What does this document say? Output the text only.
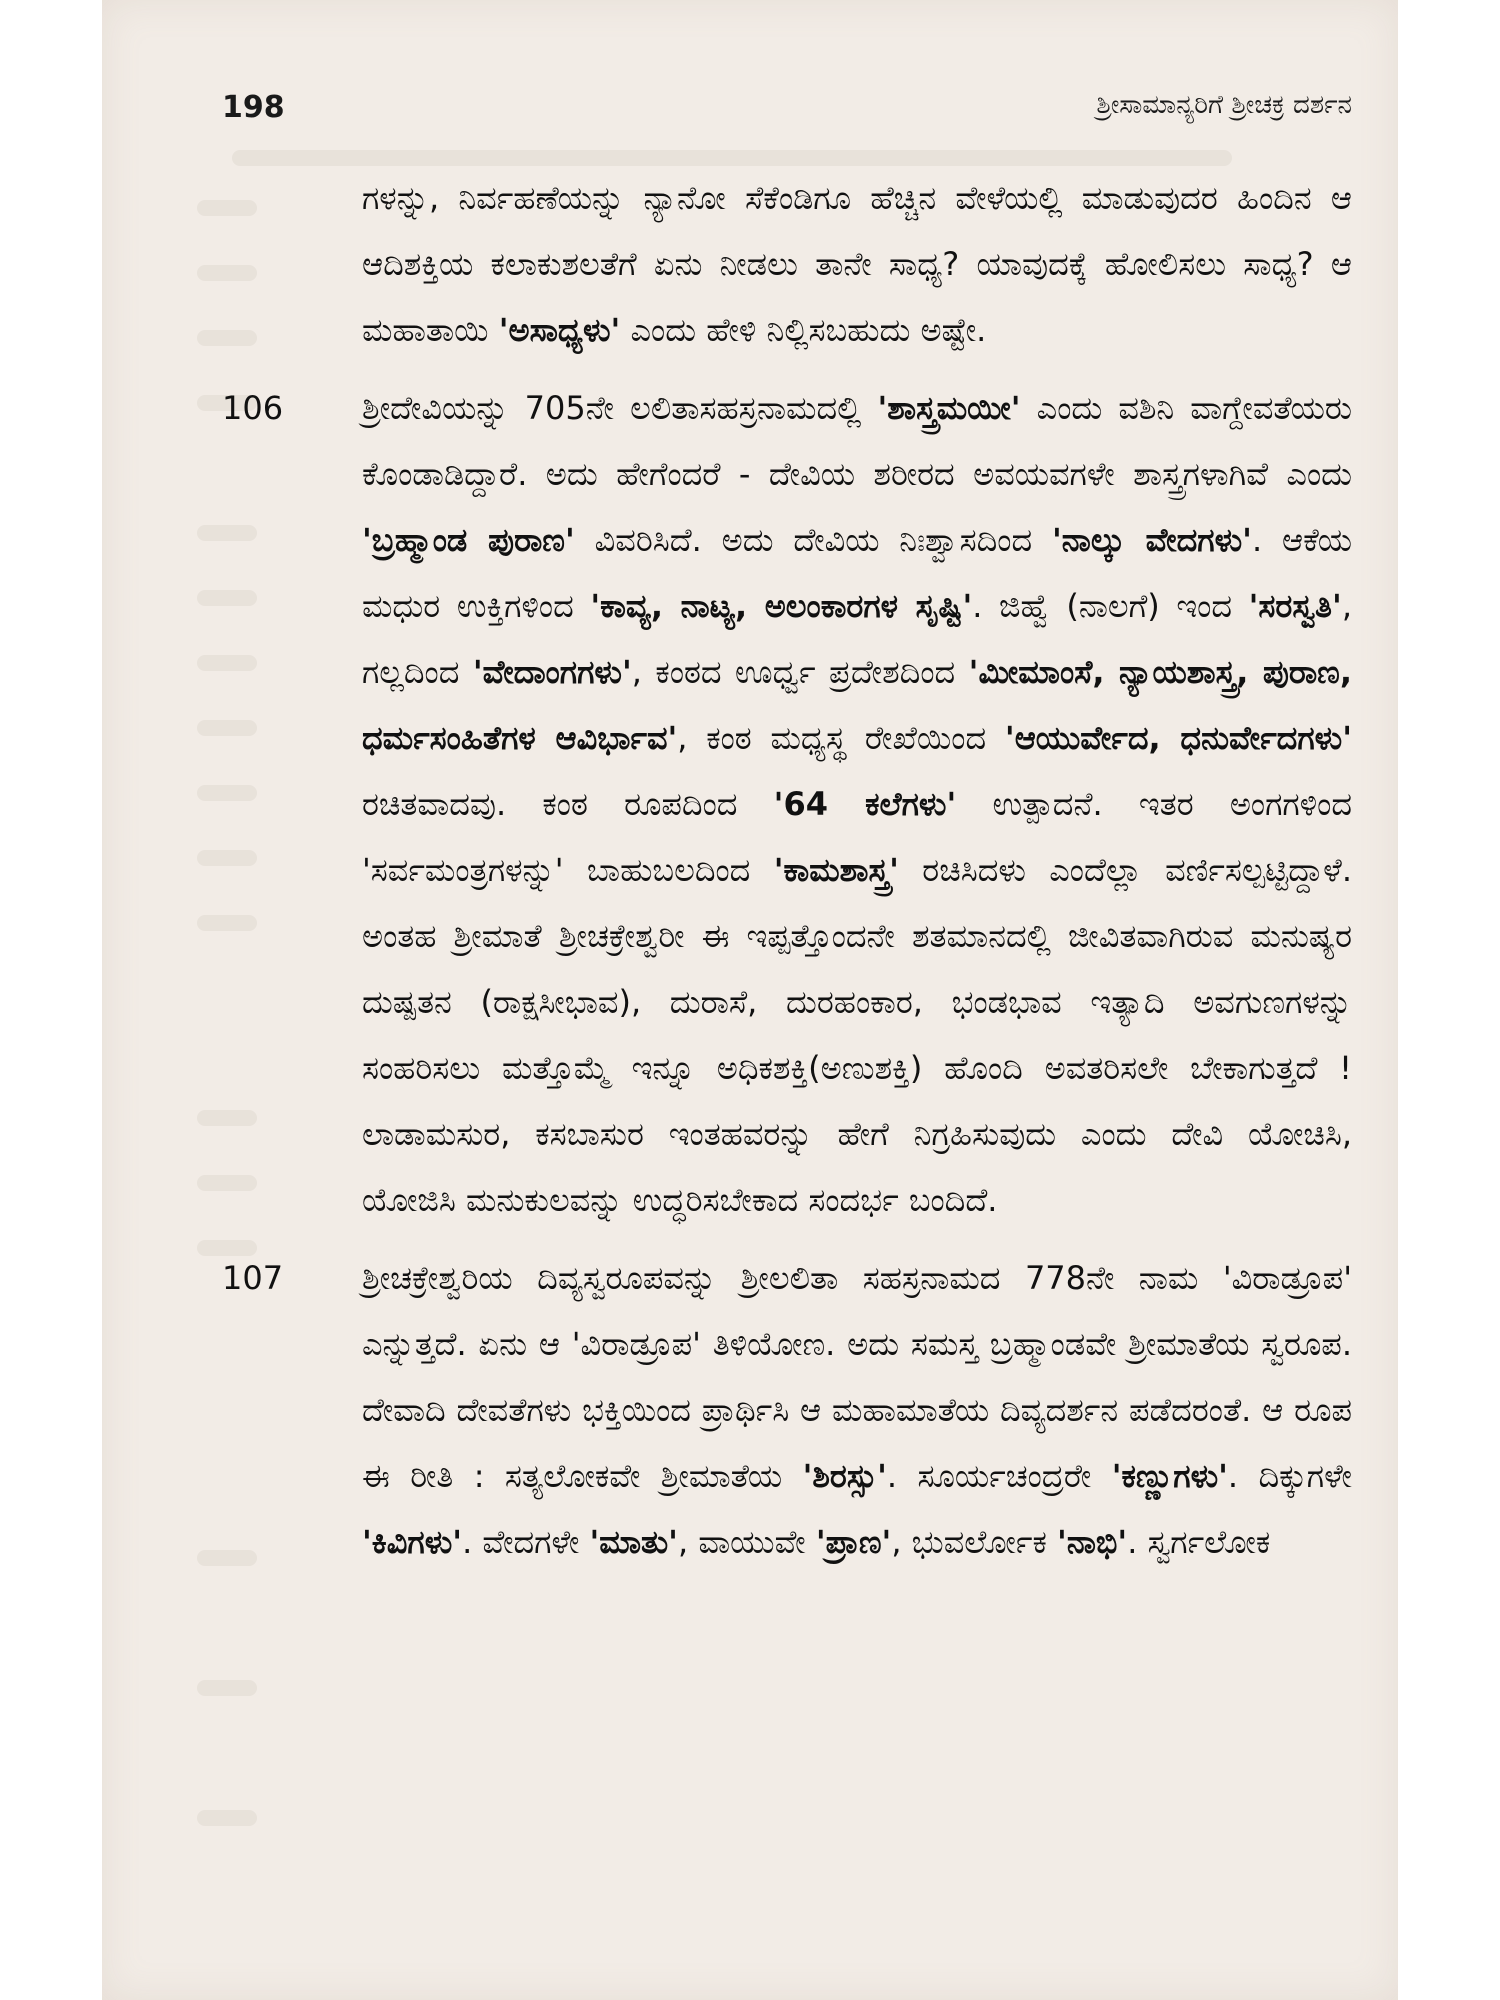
198	ಶ್ರೀಸಾಮಾನ್ಯರಿಗೆ ಶ್ರೀಚಕ್ರ ದರ್ಶನ

ಗಳನ್ನು, ನಿರ್ವಹಣೆಯನ್ನು ನ್ಯಾನೋ ಸೆಕೆಂಡಿಗೂ ಹೆಚ್ಚಿನ ವೇಳೆಯಲ್ಲಿ ಮಾಡುವುದರ ಹಿಂದಿನ ಆ ಆದಿಶಕ್ತಿಯ ಕಲಾಕುಶಲತೆಗೆ ಏನು ನೀಡಲು ತಾನೇ ಸಾಧ್ಯ? ಯಾವುದಕ್ಕೆ ಹೋಲಿಸಲು ಸಾಧ್ಯ? ಆ ಮಹಾತಾಯಿ 'ಅಸಾಧ್ಯಳು' ಎಂದು ಹೇಳಿ ನಿಲ್ಲಿಸಬಹುದು ಅಷ್ಟೇ.

106 ಶ್ರೀದೇವಿಯನ್ನು 705ನೇ ಲಲಿತಾಸಹಸ್ರನಾಮದಲ್ಲಿ 'ಶಾಸ್ತ್ರಮಯೀ' ಎಂದು ವಶಿನಿ ವಾಗ್ದೇವತೆಯರು ಕೊಂಡಾಡಿದ್ದಾರೆ. ಅದು ಹೇಗೆಂದರೆ - ದೇವಿಯ ಶರೀರದ ಅವಯವಗಳೇ ಶಾಸ್ತ್ರಗಳಾಗಿವೆ ಎಂದು 'ಬ್ರಹ್ಮಾಂಡ ಪುರಾಣ' ವಿವರಿಸಿದೆ. ಅದು ದೇವಿಯ ನಿಃಶ್ವಾಸದಿಂದ 'ನಾಲ್ಕು ವೇದಗಳು'. ಆಕೆಯ ಮಧುರ ಉಕ್ತಿಗಳಿಂದ 'ಕಾವ್ಯ, ನಾಟ್ಯ, ಅಲಂಕಾರಗಳ ಸೃಷ್ಟಿ'. ಜಿಹ್ವೆ (ನಾಲಗೆ) ಇಂದ 'ಸರಸ್ವತಿ', ಗಲ್ಲದಿಂದ 'ವೇದಾಂಗಗಳು', ಕಂಠದ ಊರ್ಧ್ವ ಪ್ರದೇಶದಿಂದ 'ಮೀಮಾಂಸೆ, ನ್ಯಾಯಶಾಸ್ತ್ರ, ಪುರಾಣ, ಧರ್ಮಸಂಹಿತೆಗಳ ಆವಿರ್ಭಾವ', ಕಂಠ ಮಧ್ಯಸ್ಥ ರೇಖೆಯಿಂದ 'ಆಯುರ್ವೇದ, ಧನುರ್ವೇದಗಳು' ರಚಿತವಾದವು. ಕಂಠ ರೂಪದಿಂದ '64 ಕಲೆಗಳು' ಉತ್ಪಾದನೆ. ಇತರ ಅಂಗಗಳಿಂದ 'ಸರ್ವಮಂತ್ರಗಳನ್ನು' ಬಾಹುಬಲದಿಂದ 'ಕಾಮಶಾಸ್ತ್ರ' ರಚಿಸಿದಳು ಎಂದೆಲ್ಲಾ ವರ್ಣಿಸಲ್ಪಟ್ಟಿದ್ದಾಳೆ. ಅಂತಹ ಶ್ರೀಮಾತೆ ಶ್ರೀಚಕ್ರೇಶ್ವರೀ ಈ ಇಪ್ಪತ್ತೊಂದನೇ ಶತಮಾನದಲ್ಲಿ ಜೀವಿತವಾಗಿರುವ ಮನುಷ್ಯರ ದುಷ್ಪತನ (ರಾಕ್ಷಸೀಭಾವ), ದುರಾಸೆ, ದುರಹಂಕಾರ, ಭಂಡಭಾವ ಇತ್ಯಾದಿ ಅವಗುಣಗಳನ್ನು ಸಂಹರಿಸಲು ಮತ್ತೊಮ್ಮೆ ಇನ್ನೂ ಅಧಿಕಶಕ್ತಿ(ಅಣುಶಕ್ತಿ) ಹೊಂದಿ ಅವತರಿಸಲೇ ಬೇಕಾಗುತ್ತದೆ ! ಲಾಡಾಮಸುರ, ಕಸಬಾಸುರ ಇಂತಹವರನ್ನು ಹೇಗೆ ನಿಗ್ರಹಿಸುವುದು ಎಂದು ದೇವಿ ಯೋಚಿಸಿ, ಯೋಜಿಸಿ ಮನುಕುಲವನ್ನು ಉದ್ಧರಿಸಬೇಕಾದ ಸಂದರ್ಭ ಬಂದಿದೆ.

107 ಶ್ರೀಚಕ್ರೇಶ್ವರಿಯ ದಿವ್ಯಸ್ವರೂಪವನ್ನು ಶ್ರೀಲಲಿತಾ ಸಹಸ್ರನಾಮದ 778ನೇ ನಾಮ 'ವಿರಾಡ್ರೂಪ' ಎನ್ನುತ್ತದೆ. ಏನು ಆ 'ವಿರಾಡ್ರೂಪ' ತಿಳಿಯೋಣ. ಅದು ಸಮಸ್ತ ಬ್ರಹ್ಮಾಂಡವೇ ಶ್ರೀಮಾತೆಯ ಸ್ವರೂಪ. ದೇವಾದಿ ದೇವತೆಗಳು ಭಕ್ತಿಯಿಂದ ಪ್ರಾರ್ಥಿಸಿ ಆ ಮಹಾಮಾತೆಯ ದಿವ್ಯದರ್ಶನ ಪಡೆದರಂತೆ. ಆ ರೂಪ ಈ ರೀತಿ : ಸತ್ಯಲೋಕವೇ ಶ್ರೀಮಾತೆಯ 'ಶಿರಸ್ಸು'. ಸೂರ್ಯಚಂದ್ರರೇ 'ಕಣ್ಣುಗಳು'. ದಿಕ್ಕುಗಳೇ 'ಕಿವಿಗಳು'. ವೇದಗಳೇ 'ಮಾತು', ವಾಯುವೇ 'ಪ್ರಾಣ', ಭುವರ್ಲೋಕ 'ನಾಭಿ'. ಸ್ವರ್ಗಲೋಕ
